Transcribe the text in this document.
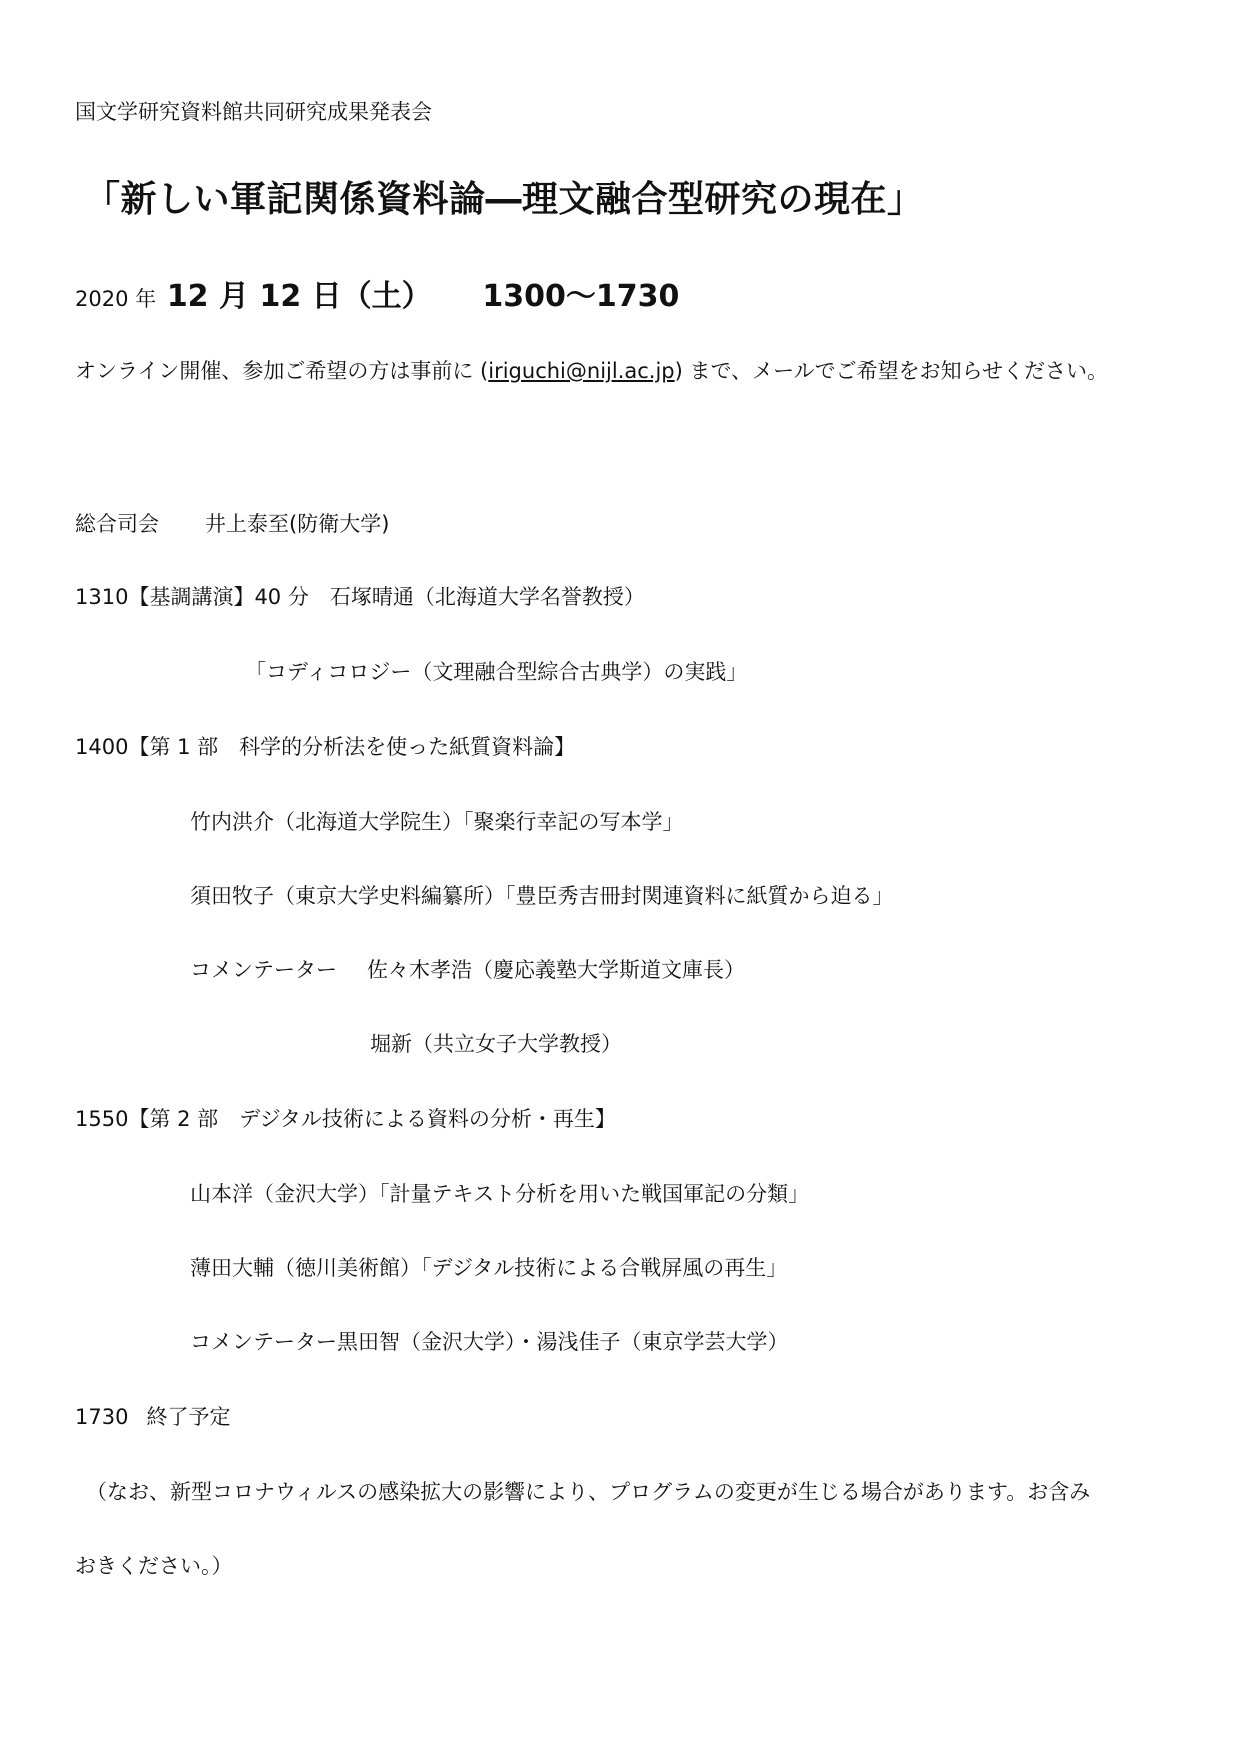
国文学研究資料館共同研究成果発表会
「新しい軍記関係資料論―理文融合型研究の現在」
2020 年 12 月 12 日（土） 1300～1730
オンライン開催、参加ご希望の方は事前に (iriguchi@nijl.ac.jp) まで、メールでご希望をお知らせください。
総合司会 井上泰至(防衛大学)
1310【基調講演】40 分　石塚晴通（北海道大学名誉教授）
「コディコロジー（文理融合型綜合古典学）の実践」
1400【第 1 部　科学的分析法を使った紙質資料論】
竹内洪介（北海道大学院生）「聚楽行幸記の写本学」
須田牧子（東京大学史料編纂所）「豊臣秀吉冊封関連資料に紙質から迫る」
コメンテーター 佐々木孝浩（慶応義塾大学斯道文庫長）
堀新（共立女子大学教授）
1550【第 2 部　デジタル技術による資料の分析・再生】
山本洋（金沢大学）「計量テキスト分析を用いた戦国軍記の分類」
薄田大輔（徳川美術館）「デジタル技術による合戦屏風の再生」
コメンテーター黒田智（金沢大学）・湯浅佳子（東京学芸大学）
1730 終了予定
（なお、新型コロナウィルスの感染拡大の影響により、プログラムの変更が生じる場合があります。お含み
おきください。）
